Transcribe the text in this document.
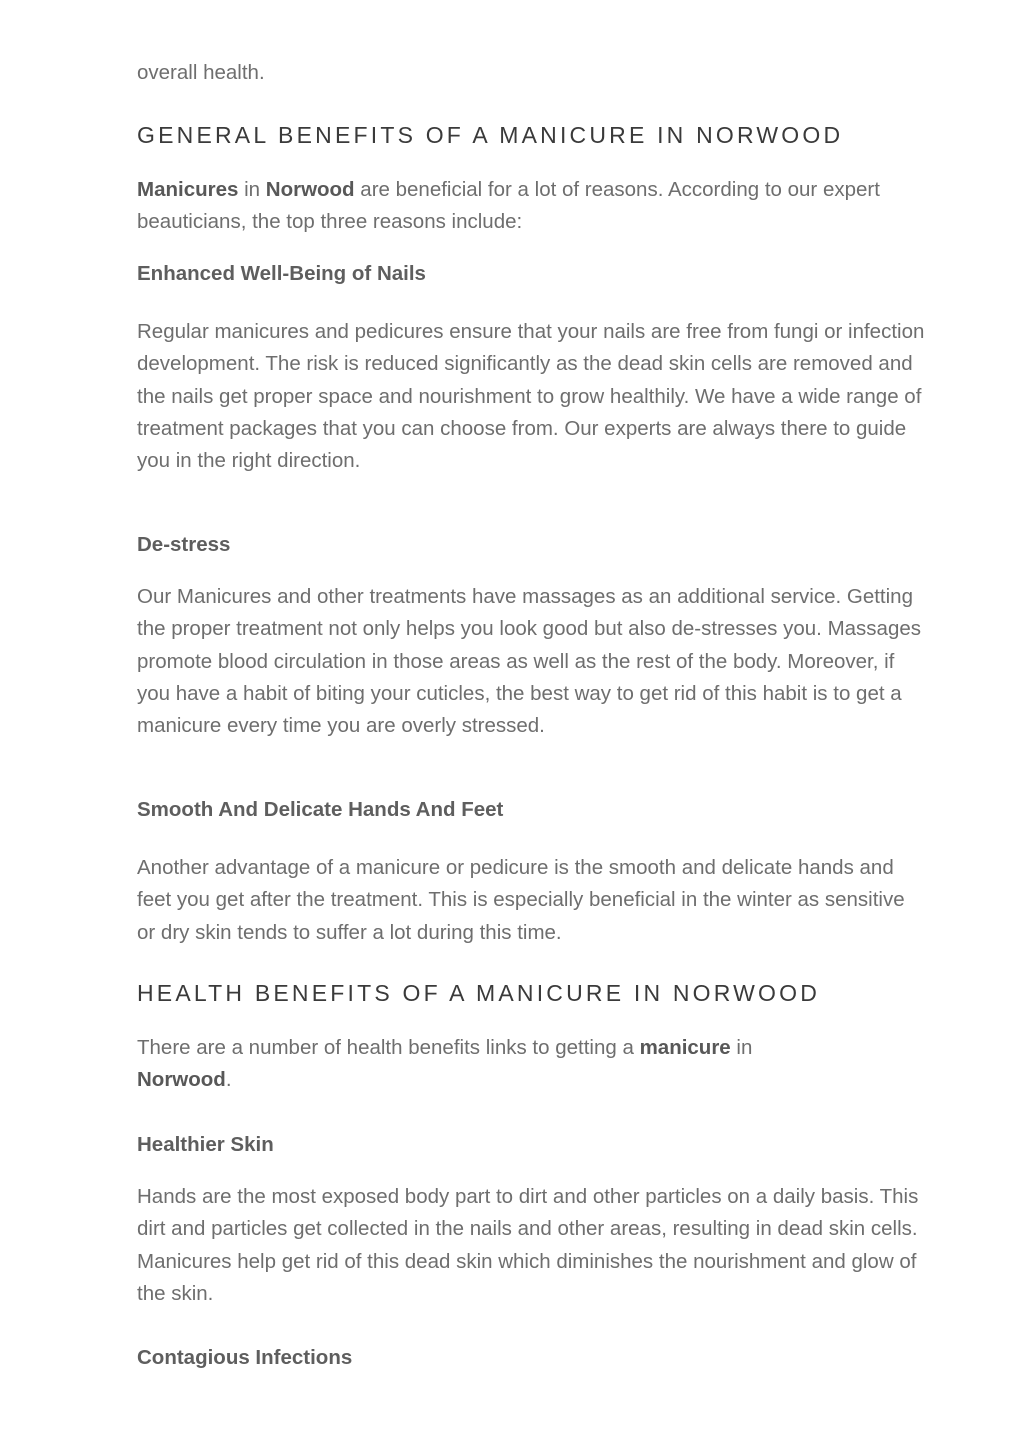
overall health.

GENERAL BENEFITS OF A MANICURE IN NORWOOD

Manicures in Norwood are beneficial for a lot of reasons. According to our expert beauticians, the top three reasons include:

Enhanced Well-Being of Nails

Regular manicures and pedicures ensure that your nails are free from fungi or infection development. The risk is reduced significantly as the dead skin cells are removed and the nails get proper space and nourishment to grow healthily. We have a wide range of treatment packages that you can choose from. Our experts are always there to guide you in the right direction.

De-stress

Our Manicures and other treatments have massages as an additional service. Getting the proper treatment not only helps you look good but also de-stresses you. Massages promote blood circulation in those areas as well as the rest of the body. Moreover, if you have a habit of biting your cuticles, the best way to get rid of this habit is to get a manicure every time you are overly stressed.

Smooth And Delicate Hands And Feet

Another advantage of a manicure or pedicure is the smooth and delicate hands and feet you get after the treatment. This is especially beneficial in the winter as sensitive or dry skin tends to suffer a lot during this time.

HEALTH BENEFITS OF A MANICURE IN NORWOOD

There are a number of health benefits links to getting a manicure in
Norwood.

Healthier Skin

Hands are the most exposed body part to dirt and other particles on a daily basis. This dirt and particles get collected in the nails and other areas, resulting in dead skin cells. Manicures help get rid of this dead skin which diminishes the nourishment and glow of the skin.

Contagious Infections
